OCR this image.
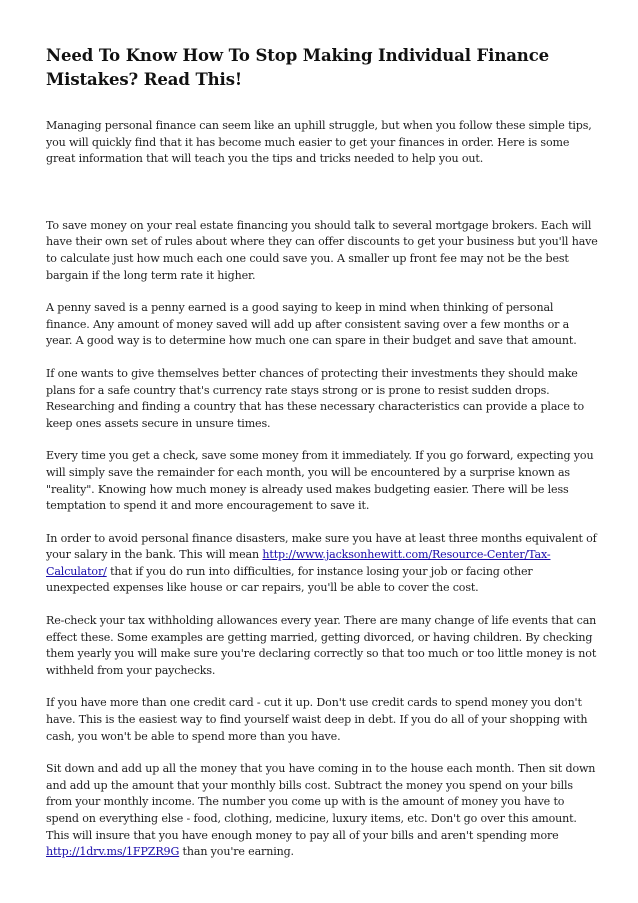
Need To Know How To Stop Making Individual Finance Mistakes? Read This!

Managing personal finance can seem like an uphill struggle, but when you follow these simple tips, you will quickly find that it has become much easier to get your finances in order. Here is some great information that will teach you the tips and tricks needed to help you out.

To save money on your real estate financing you should talk to several mortgage brokers. Each will have their own set of rules about where they can offer discounts to get your business but you'll have to calculate just how much each one could save you. A smaller up front fee may not be the best bargain if the long term rate it higher.

A penny saved is a penny earned is a good saying to keep in mind when thinking of personal finance. Any amount of money saved will add up after consistent saving over a few months or a year. A good way is to determine how much one can spare in their budget and save that amount.

If one wants to give themselves better chances of protecting their investments they should make plans for a safe country that's currency rate stays strong or is prone to resist sudden drops. Researching and finding a country that has these necessary characteristics can provide a place to keep ones assets secure in unsure times.

Every time you get a check, save some money from it immediately. If you go forward, expecting you will simply save the remainder for each month, you will be encountered by a surprise known as "reality". Knowing how much money is already used makes budgeting easier. There will be less temptation to spend it and more encouragement to save it.

In order to avoid personal finance disasters, make sure you have at least three months equivalent of your salary in the bank. This will mean http://www.jacksonhewitt.com/Resource-Center/Tax-Calculator/ that if you do run into difficulties, for instance losing your job or facing other unexpected expenses like house or car repairs, you'll be able to cover the cost.

Re-check your tax withholding allowances every year. There are many change of life events that can effect these. Some examples are getting married, getting divorced, or having children. By checking them yearly you will make sure you're declaring correctly so that too much or too little money is not withheld from your paychecks.

If you have more than one credit card - cut it up. Don't use credit cards to spend money you don't have. This is the easiest way to find yourself waist deep in debt. If you do all of your shopping with cash, you won't be able to spend more than you have.

Sit down and add up all the money that you have coming in to the house each month. Then sit down and add up the amount that your monthly bills cost. Subtract the money you spend on your bills from your monthly income. The number you come up with is the amount of money you have to spend on everything else - food, clothing, medicine, luxury items, etc. Don't go over this amount. This will insure that you have enough money to pay all of your bills and aren't spending more http://1drv.ms/1FPZR9G than you're earning.
